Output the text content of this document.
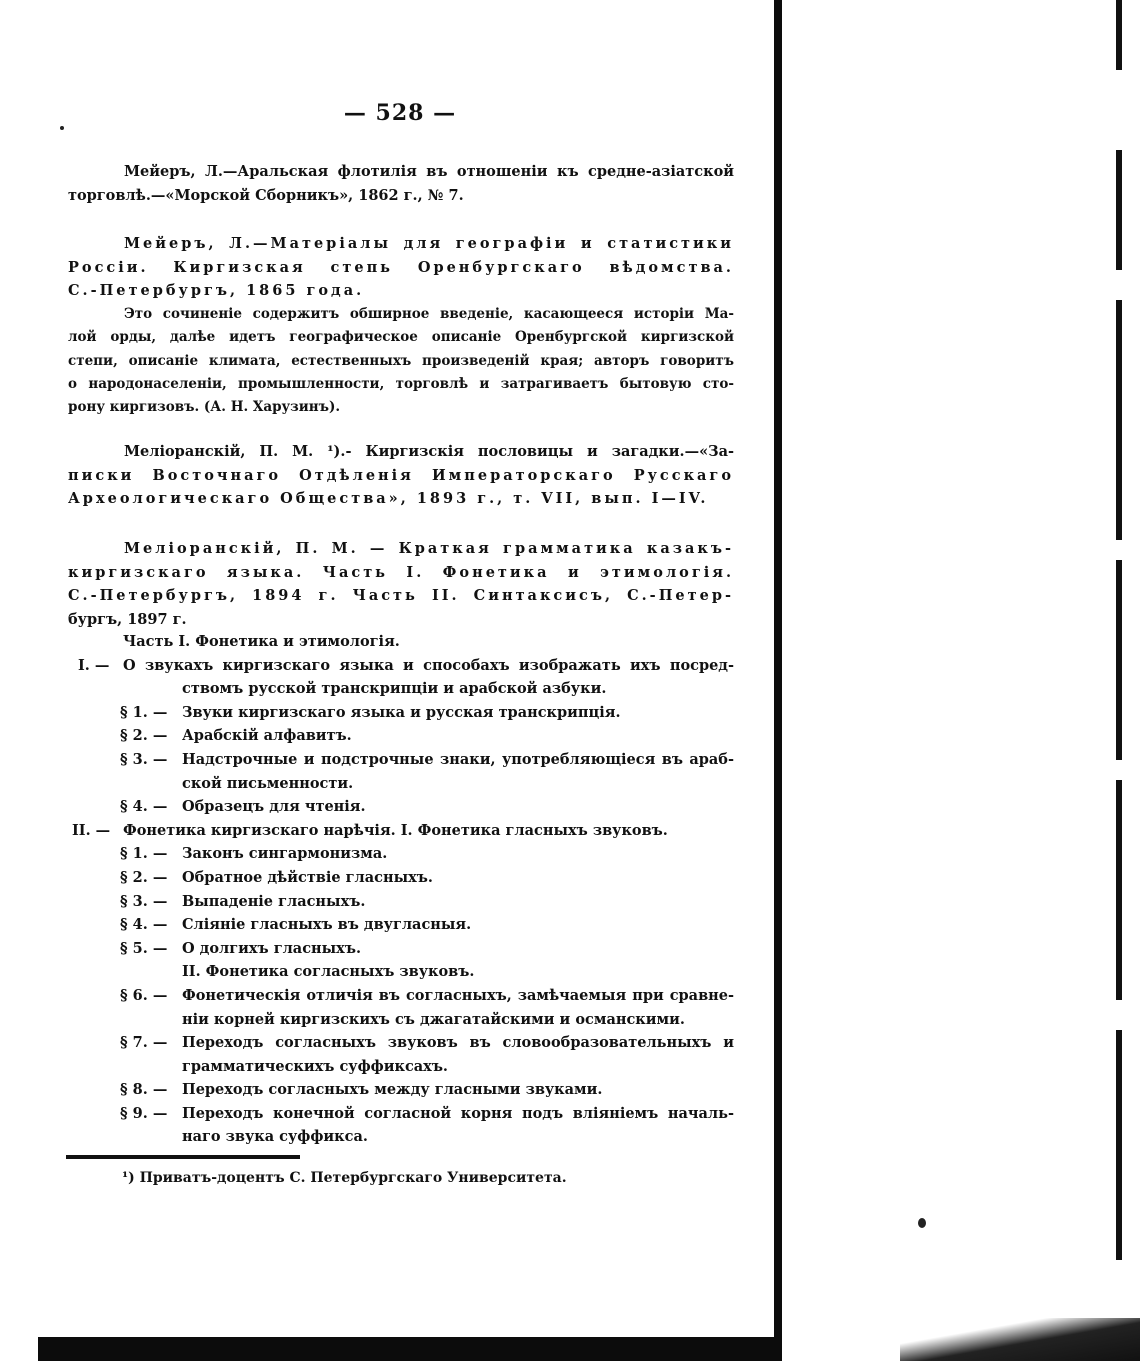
— 528 —
Мейеръ, Л.—Аральская флотилія въ отношеніи къ средне-азіатской
торговлѣ.—«Морской Сборникъ», 1862 г., № 7.
Мейеръ, Л.—Матеріалы для географіи и статистики
Россіи. Киргизская степь Оренбургскаго вѣдомства.
С.-Петербургъ, 1865 года.
Это сочиненіе содержитъ обширное введеніе, касающееся исторіи Ма-
лой орды, далѣе идетъ географическое описаніе Оренбургской киргизской
степи, описаніе климата, естественныхъ произведеній края; авторъ говоритъ
о народонаселеніи, промышленности, торговлѣ и затрагиваетъ бытовую сто-
рону киргизовъ. (А. Н. Харузинъ).
Меліоранскій, П. М. ¹).- Киргизскія пословицы и загадки.—«За-
писки Восточнаго Отдѣленія Императорскаго Русскаго
Археологическаго Общества», 1893 г., т. VII, вып. I—IV.
Меліоранскій, П. М. — Краткая грамматика казакъ-
киргизскаго языка. Часть I. Фонетика и этимологія.
С.-Петербургъ, 1894 г. Часть II. Синтаксисъ, С.-Петер-
бургъ, 1897 г.
Часть I. Фонетика и этимологія.
I. — О звукахъ киргизскаго языка и способахъ изображать ихъ посред-
ствомъ русской транскрипціи и арабской азбуки.
§ 1. — Звуки киргизскаго языка и русская транскрипція.
§ 2. — Арабскій алфавитъ.
§ 3. — Надстрочные и подстрочные знаки, употребляющіеся въ араб-
ской письменности.
§ 4. — Образецъ для чтенія.
II. — Фонетика киргизскаго нарѣчія. I. Фонетика гласныхъ звуковъ.
§ 1. — Законъ сингармонизма.
§ 2. — Обратное дѣйствіе гласныхъ.
§ 3. — Выпаденіе гласныхъ.
§ 4. — Сліяніе гласныхъ въ двугласныя.
§ 5. — О долгихъ гласныхъ.
II. Фонетика согласныхъ звуковъ.
§ 6. — Фонетическія отличія въ согласныхъ, замѣчаемыя при сравне-
ніи корней киргизскихъ съ джагатайскими и османскими.
§ 7. — Переходъ согласныхъ звуковъ въ словообразовательныхъ и
грамматическихъ суффиксахъ.
§ 8. — Переходъ согласныхъ между гласными звуками.
§ 9. — Переходъ конечной согласной корня подъ вліяніемъ началь-
наго звука суффикса.
¹) Приватъ-доцентъ С. Петербургскаго Университета.
